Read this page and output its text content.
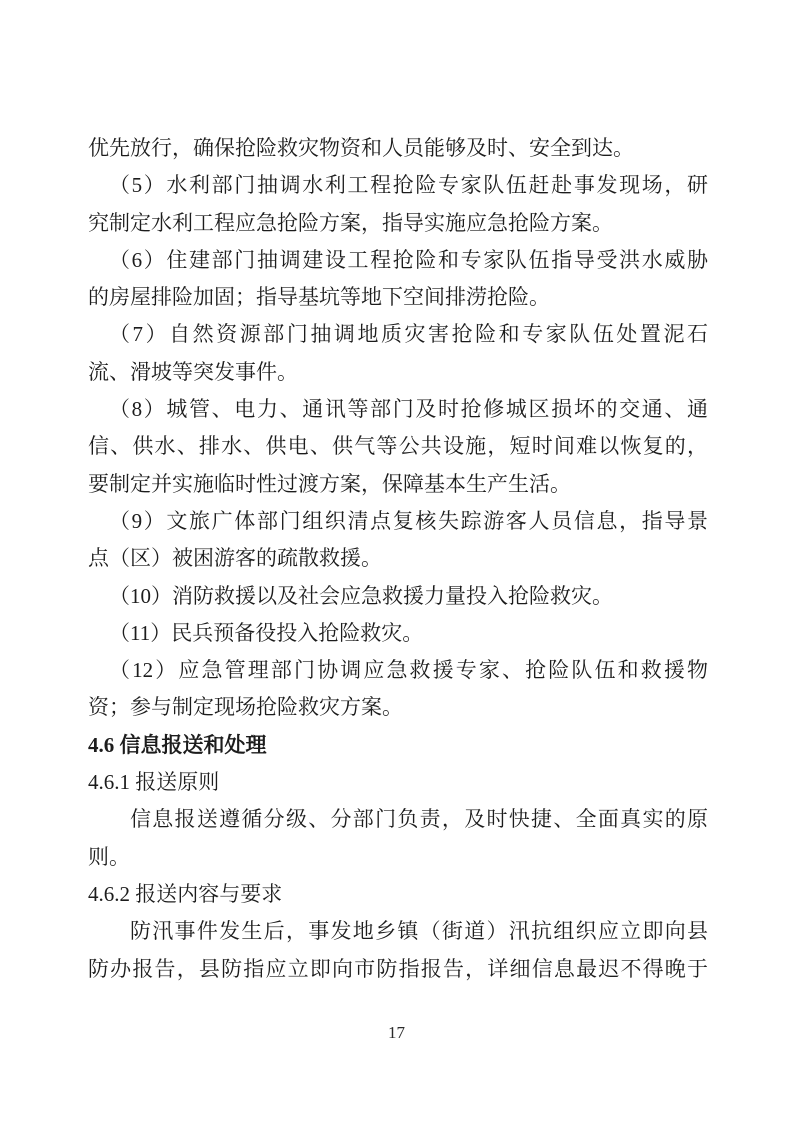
优先放行，确保抢险救灾物资和人员能够及时、安全到达。
（5）水利部门抽调水利工程抢险专家队伍赶赴事发现场，研
究制定水利工程应急抢险方案，指导实施应急抢险方案。
（6）住建部门抽调建设工程抢险和专家队伍指导受洪水威胁
的房屋排险加固；指导基坑等地下空间排涝抢险。
（7）自然资源部门抽调地质灾害抢险和专家队伍处置泥石
流、滑坡等突发事件。
（8）城管、电力、通讯等部门及时抢修城区损坏的交通、通
信、供水、排水、供电、供气等公共设施，短时间难以恢复的，
要制定并实施临时性过渡方案，保障基本生产生活。
（9）文旅广体部门组织清点复核失踪游客人员信息，指导景
点（区）被困游客的疏散救援。
（10）消防救援以及社会应急救援力量投入抢险救灾。
（11）民兵预备役投入抢险救灾。
（12）应急管理部门协调应急救援专家、抢险队伍和救援物
资；参与制定现场抢险救灾方案。
4.6 信息报送和处理
4.6.1 报送原则
信息报送遵循分级、分部门负责，及时快捷、全面真实的原
则。
4.6.2 报送内容与要求
防汛事件发生后，事发地乡镇（街道）汛抗组织应立即向县
防办报告，县防指应立即向市防指报告，详细信息最迟不得晚于
17
